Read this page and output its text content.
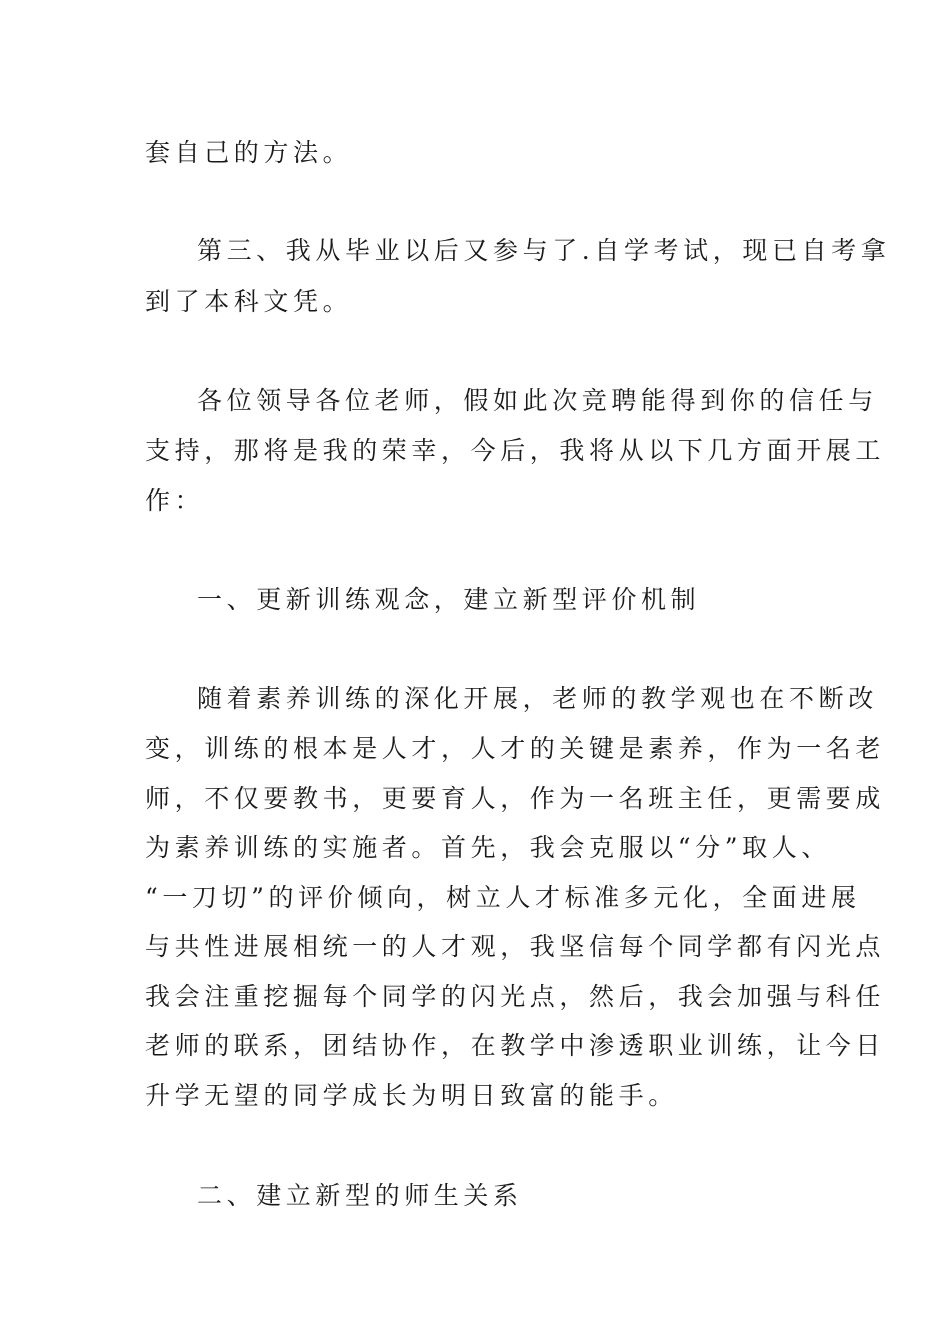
套自己的方法。
第三、我从毕业以后又参与了.自学考试，现已自考拿
到了本科文凭。
各位领导各位老师，假如此次竞聘能得到你的信任与
支持，那将是我的荣幸，今后，我将从以下几方面开展工
作：
一、更新训练观念，建立新型评价机制
随着素养训练的深化开展，老师的教学观也在不断改
变，训练的根本是人才，人才的关键是素养，作为一名老
师，不仅要教书，更要育人，作为一名班主任，更需要成
为素养训练的实施者。首先，我会克服以“分”取人、
“一刀切”的评价倾向，树立人才标准多元化，全面进展
与共性进展相统一的人才观，我坚信每个同学都有闪光点
我会注重挖掘每个同学的闪光点，然后，我会加强与科任
老师的联系，团结协作，在教学中渗透职业训练，让今日
升学无望的同学成长为明日致富的能手。
二、建立新型的师生关系
